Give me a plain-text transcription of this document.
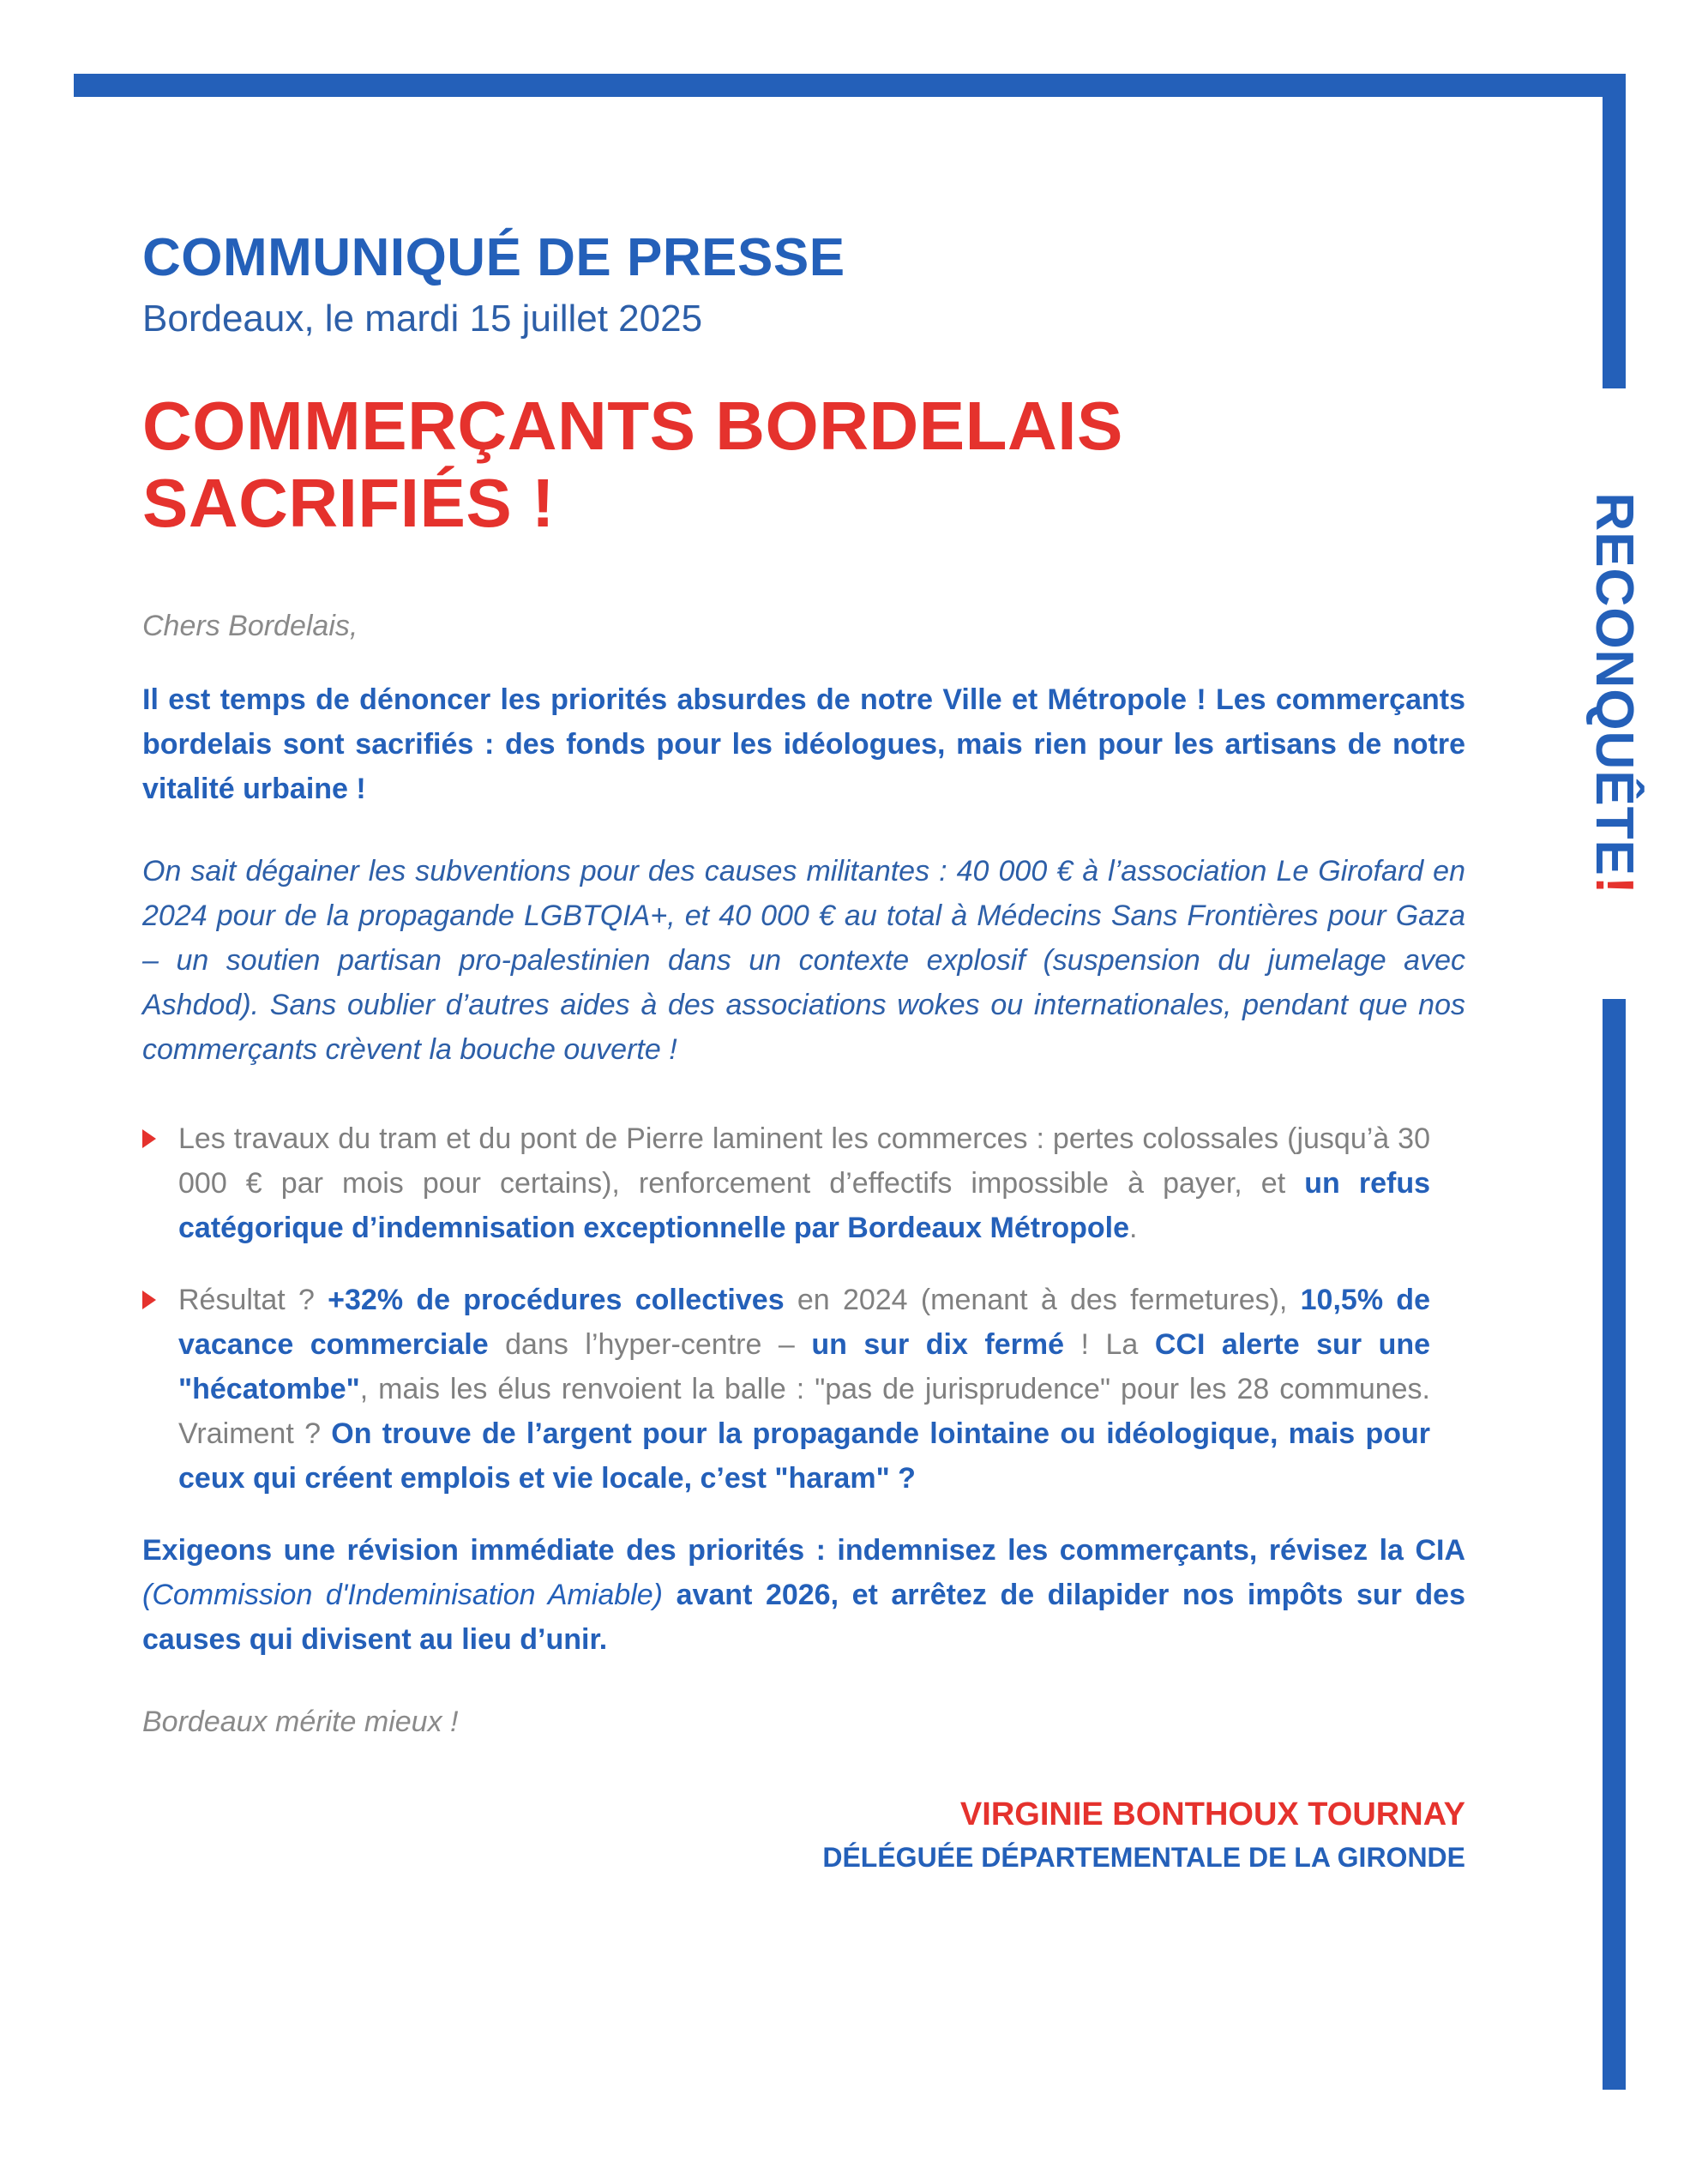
RECONQUÊTE!
COMMUNIQUÉ DE PRESSE
Bordeaux, le mardi 15 juillet 2025
COMMERÇANTS BORDELAIS
SACRIFIÉS !
Chers Bordelais,
Il est temps de dénoncer les priorités absurdes de notre Ville et Métropole ! Les commerçants bordelais sont sacrifiés : des fonds pour les idéologues, mais rien pour les artisans de notre vitalité urbaine !
On sait dégainer les subventions pour des causes militantes : 40 000 € à l’association Le Girofard en 2024 pour de la propagande LGBTQIA+, et 40 000 € au total à Médecins Sans Frontières pour Gaza – un soutien partisan pro-palestinien dans un contexte explosif (suspension du jumelage avec Ashdod). Sans oublier d’autres aides à des associations wokes ou internationales, pendant que nos commerçants crèvent la bouche ouverte !
Les travaux du tram et du pont de Pierre laminent les commerces : pertes colossales (jusqu’à 30 000 € par mois pour certains), renforcement d’effectifs impossible à payer, et un refus catégorique d’indemnisation exceptionnelle par Bordeaux Métropole.
Résultat ? +32% de procédures collectives en 2024 (menant à des fermetures), 10,5% de vacance commerciale dans l’hyper-centre – un sur dix fermé ! La CCI alerte sur une "hécatombe", mais les élus renvoient la balle : "pas de jurisprudence" pour les 28 communes. Vraiment ? On trouve de l’argent pour la propagande lointaine ou idéologique, mais pour ceux qui créent emplois et vie locale, c’est "haram" ?
Exigeons une révision immédiate des priorités : indemnisez les commerçants, révisez la CIA (Commission d'Indeminisation Amiable) avant 2026, et arrêtez de dilapider nos impôts sur des causes qui divisent au lieu d’unir.
Bordeaux mérite mieux !
VIRGINIE BONTHOUX TOURNAY
DÉLÉGUÉE DÉPARTEMENTALE DE LA GIRONDE
